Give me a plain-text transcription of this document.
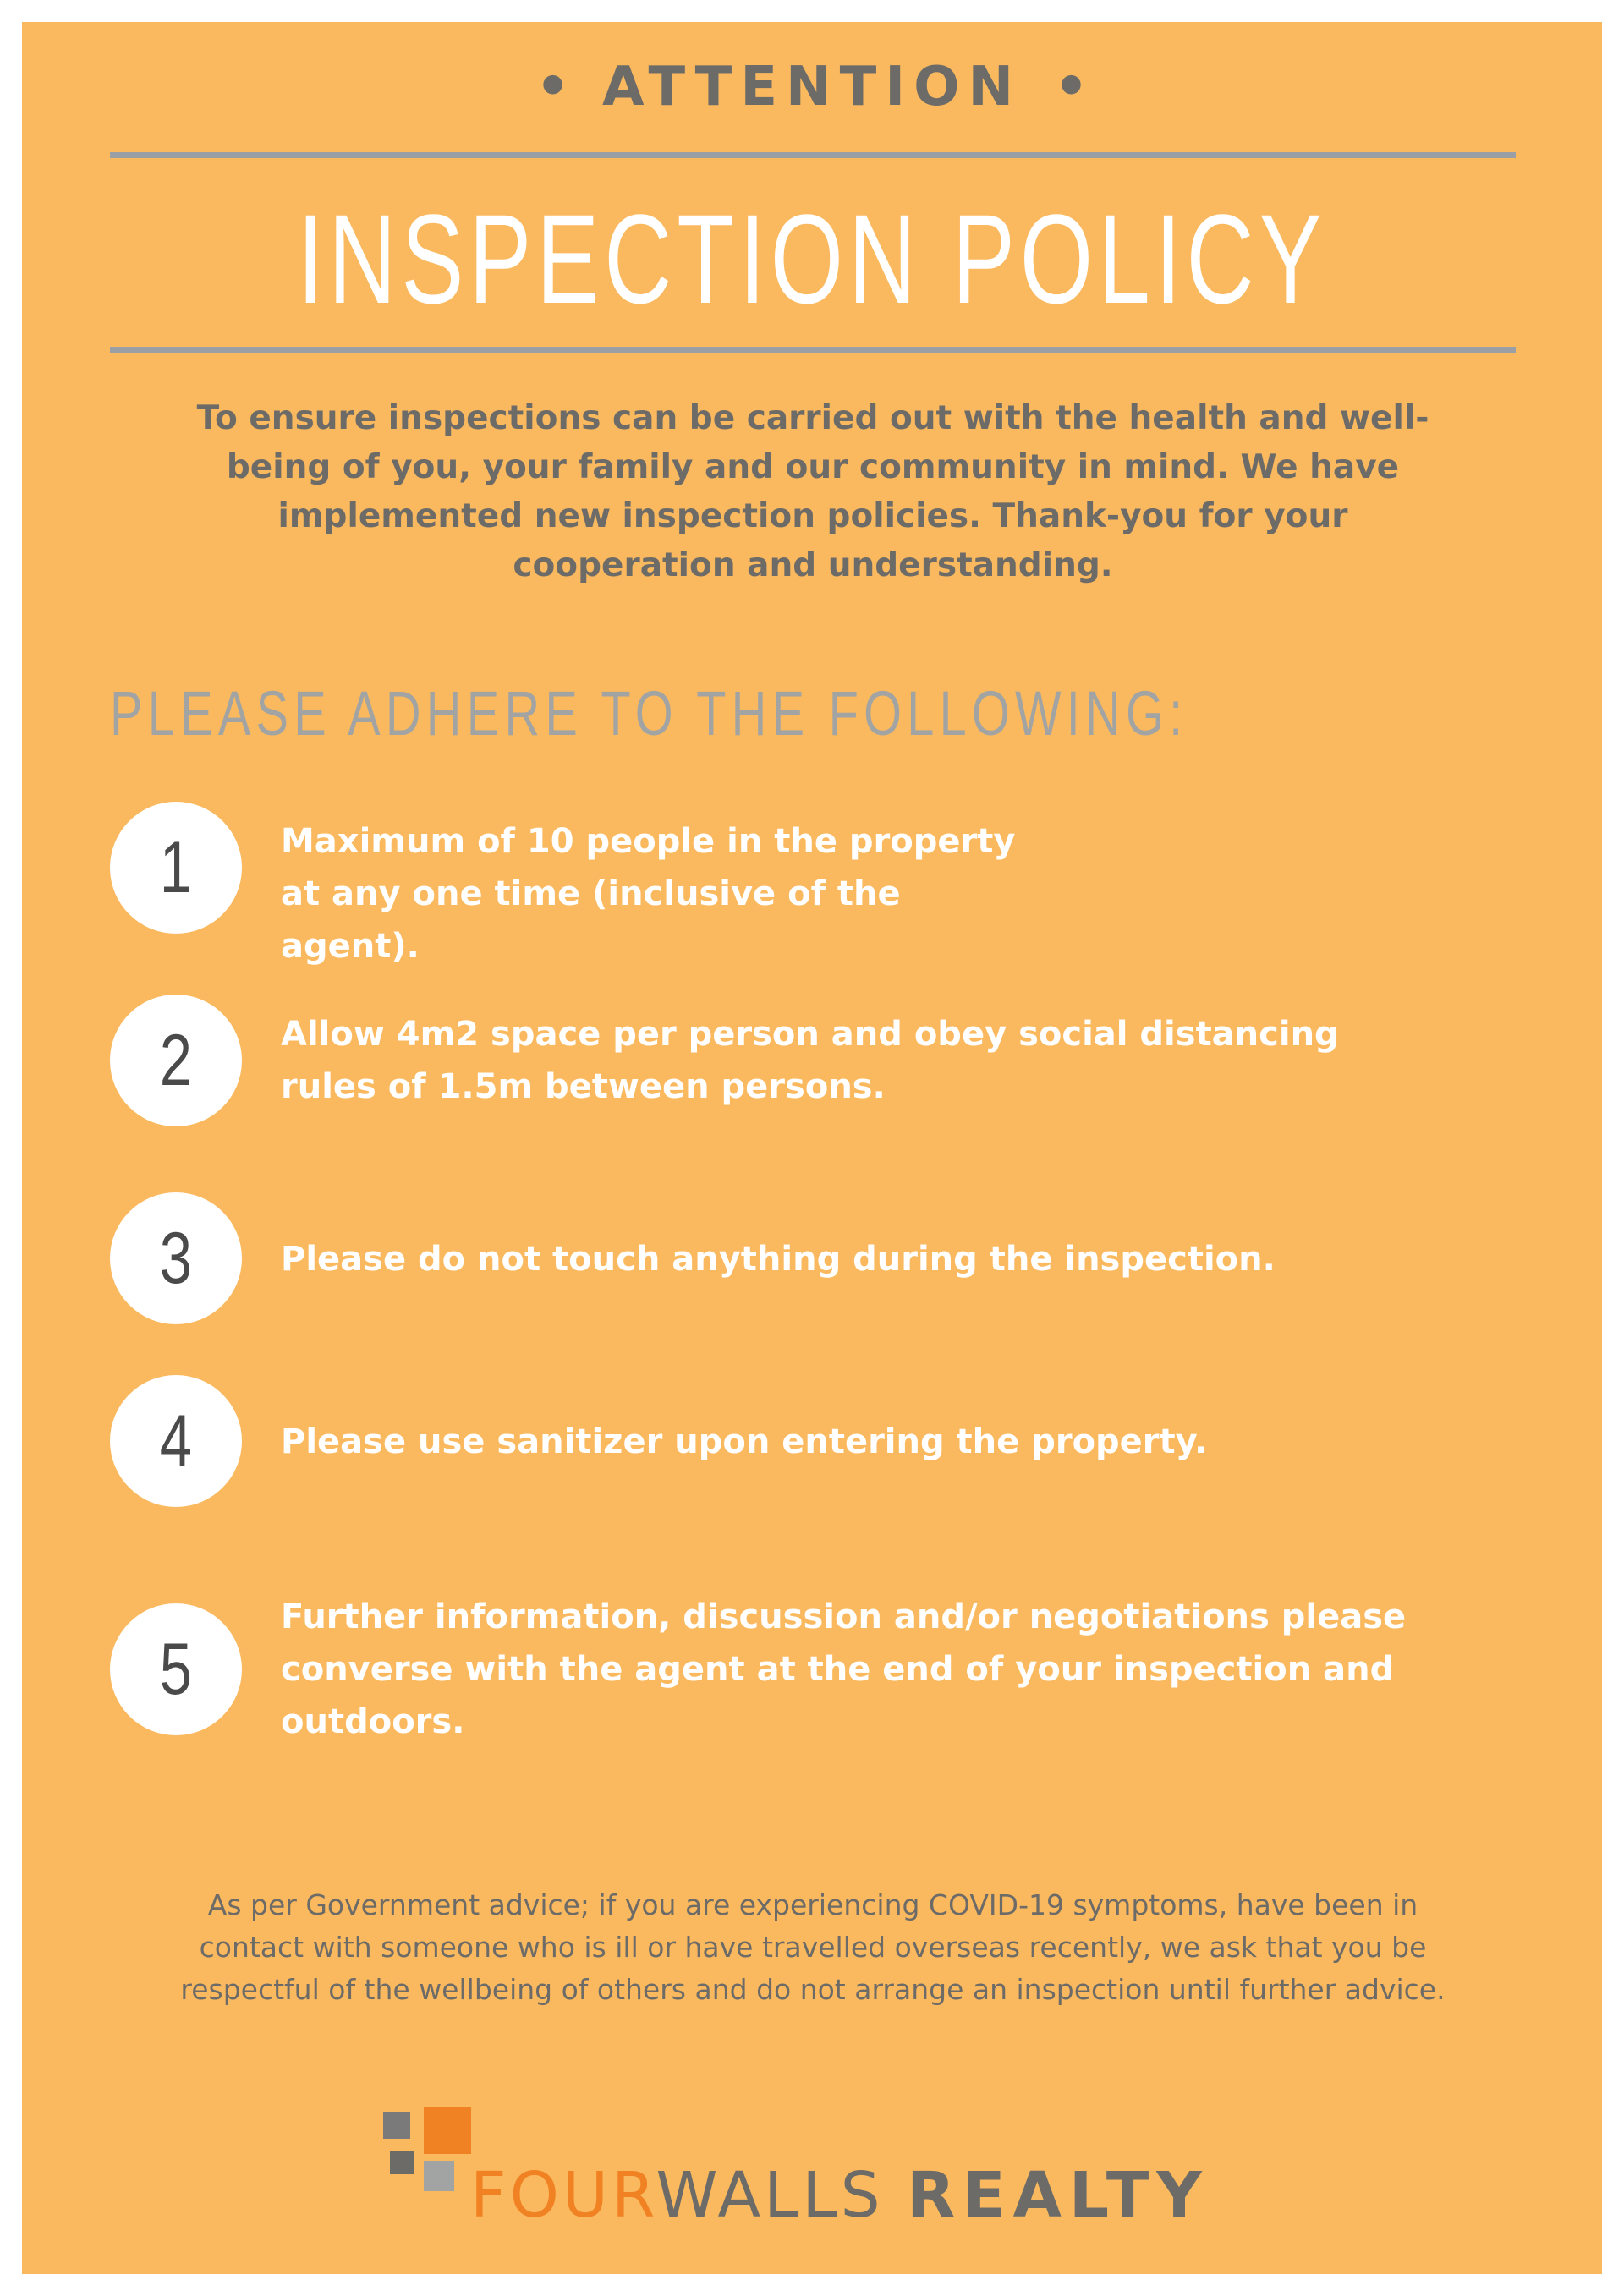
• ATTENTION •
INSPECTION POLICY
To ensure inspections can be carried out with the health and well-
being of you, your family and our community in mind. We have
implemented new inspection policies. Thank-you for your
cooperation and understanding.
PLEASE ADHERE TO THE FOLLOWING:
1	Maximum of 10 people in the property
at any one time (inclusive of the
agent).
2	Allow 4m2 space per person and obey social distancing
rules of 1.5m between persons.
3	Please do not touch anything during the inspection.
4	Please use sanitizer upon entering the property.
5
Further information, discussion and/or negotiations please
converse with the agent at the end of your inspection and
outdoors.
As per Government advice; if you are experiencing COVID-19 symptoms, have been in
contact with someone who is ill or have travelled overseas recently, we ask that you be
respectful of the wellbeing of others and do not arrange an inspection until further advice.
FOURWALLS REALTY
